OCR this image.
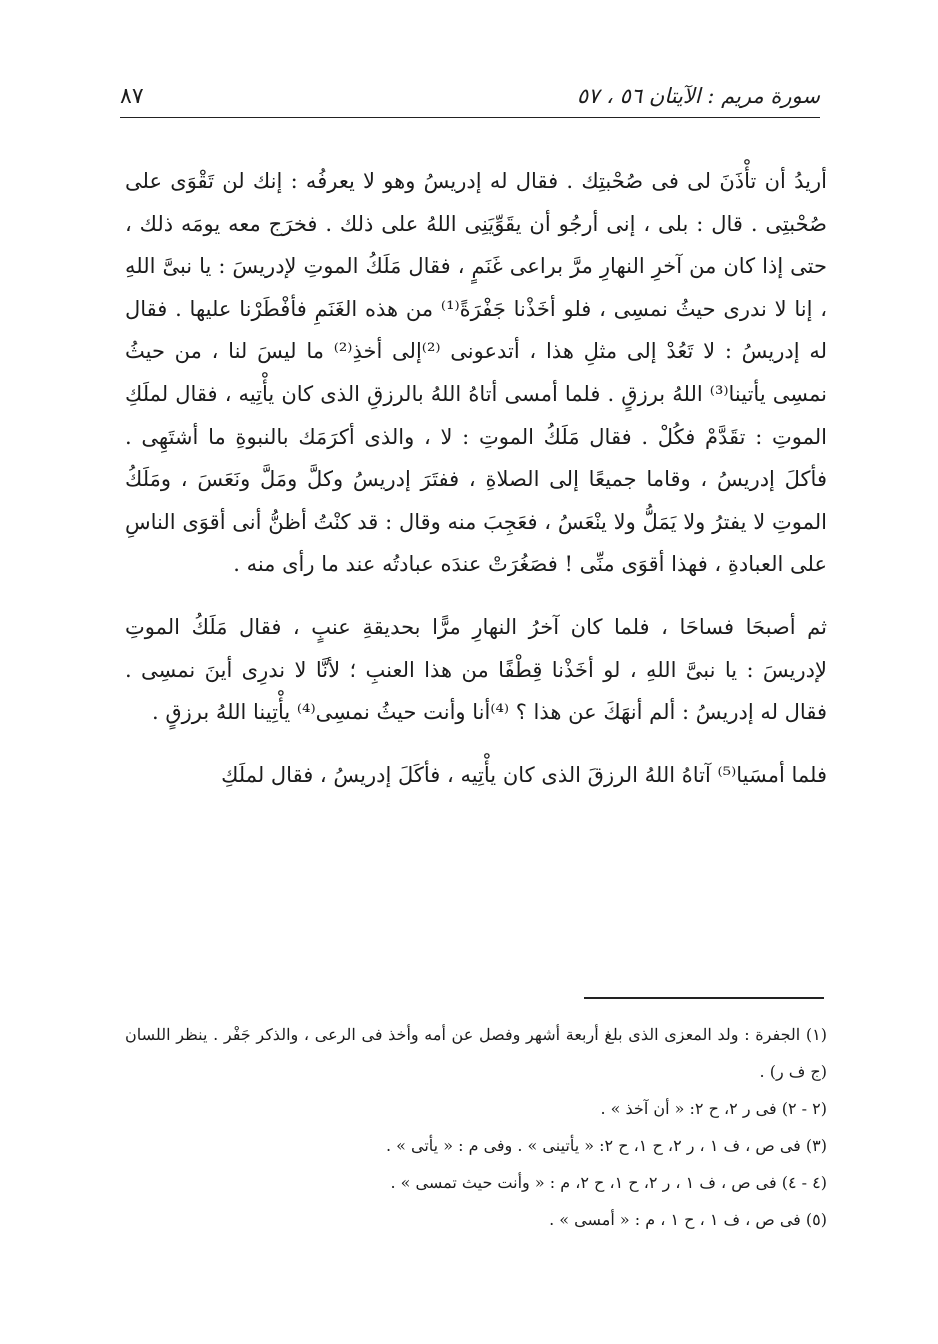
سورة مريم : الآيتان ٥٦ ، ٥٧
٨٧

أريدُ أن تأْذَنَ لى فى صُحْبتِك . فقال له إدريسُ وهو لا يعرفُه : إنك لن تَقْوَى على صُحْبتِى . قال : بلى ، إنى أرجُو أن يقَوِّيَنِى اللهُ على ذلك . فخرَج معه يومَه ذلك ، حتى إذا كان من آخرِ النهارِ مرَّ براعى غَنَمٍ ، فقال مَلَكُ الموتِ لإدريسَ : يا نبىَّ اللهِ ، إنا لا ندرى حيثُ نمسِى ، فلو أخَذْنا جَفْرَةً⁽¹⁾ من هذه الغَنَمِ فأفْطَرْنا عليها . فقال له إدريسُ : لا تَعُدْ إلى مثلِ هذا ، أتدعونى ⁽²⁾إلى أخذِ⁽²⁾ ما ليسَ لنا ، من حيثُ نمسِى يأتينا⁽³⁾ اللهُ برزقٍ . فلما أمسى أتاهُ اللهُ بالرزقِ الذى كان يأْتِيه ، فقال لملَكِ الموتِ : تقَدَّمْ فكُلْ . فقال مَلَكُ الموتِ : لا ، والذى أكرَمَك بالنبوةِ ما أشتَهِى . فأكلَ إدريسُ ، وقاما جميعًا إلى الصلاةِ ، ففتَرَ إدريسُ وكلَّ ومَلَّ ونَعَسَ ، ومَلَكُ الموتِ لا يفترُ ولا يَمَلُّ ولا ينْعَسُ ، فعَجِبَ منه وقال : قد كنْتُ أظنُّ أنى أقوَى الناسِ على العبادةِ ، فهذا أقوَى منِّى ! فصَغُرَتْ عندَه عبادتُه عند ما رأى منه .

ثم أصبحَا فساحَا ، فلما كان آخرُ النهارِ مرًّا بحديقةِ عنبٍ ، فقال مَلَكُ الموتِ لإدريسَ : يا نبىَّ اللهِ ، لو أخَذْنا قِطْفًا من هذا العنبِ ؛ لأنَّا لا ندرِى أينَ نمسِى . فقال له إدريسُ : ألم أنهَكَ عن هذا ؟ ⁽⁴⁾أنا وأنت حيثُ نمسِى⁽⁴⁾ يأْتِينا اللهُ برزقٍ .

فلما أمسَيا⁽⁵⁾ آتاهُ اللهُ الرزقَ الذى كان يأْتِيه ، فأكَلَ إدريسُ ، فقال لملَكِ

(١) الجفرة : ولد المعزى الذى بلغ أربعة أشهر وفصل عن أمه وأخذ فى الرعى ، والذكر جَفْر . ينظر اللسان (ج ف ر) .

(٢ - ٢) فى ر ٢، ح ٢: « أن آخذ » .

(٣) فى ص ، ف ١ ، ر ٢، ح ١، ح ٢: « يأتينى » . وفى م : « يأتى » .

(٤ - ٤) فى ص ، ف ١ ، ر ٢، ح ١، ح ٢، م : « وأنت حيث تمسى » .

(٥) فى ص ، ف ١ ، ح ١ ، م : « أمسى » .
